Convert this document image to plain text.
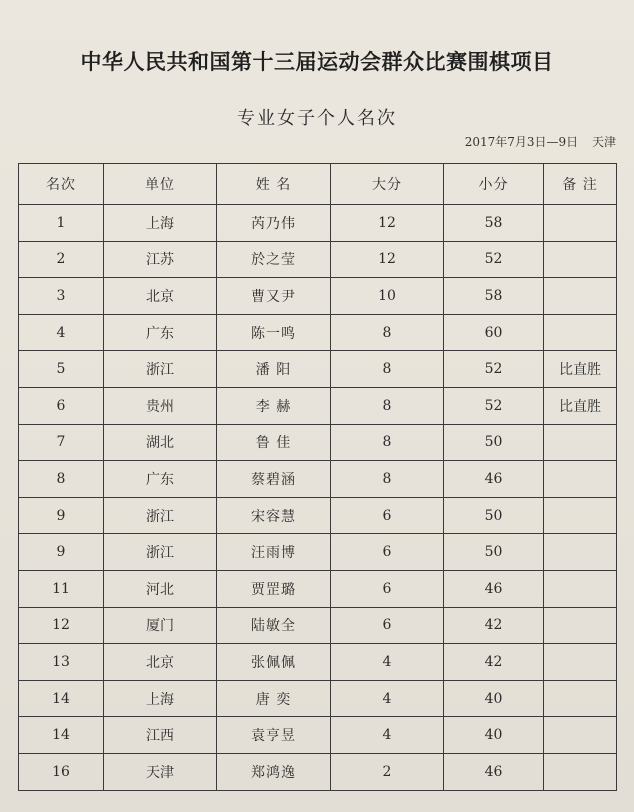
中华人民共和国第十三届运动会群众比赛围棋项目
专业女子个人名次
2017年7月3日—9日 天津
名次	单位	姓 名	大分	小分	备 注
1	上海	芮乃伟	12	58	
2	江苏	於之莹	12	52	
3	北京	曹又尹	10	58	
4	广东	陈一鸣	8	60	
5	浙江	潘 阳	8	52	比直胜
6	贵州	李 赫	8	52	比直胜
7	湖北	鲁 佳	8	50	
8	广东	蔡碧涵	8	46	
9	浙江	宋容慧	6	50	
9	浙江	汪雨博	6	50	
11	河北	贾罡璐	6	46	
12	厦门	陆敏全	6	42	
13	北京	张佩佩	4	42	
14	上海	唐 奕	4	40	
14	江西	袁亨昱	4	40	
16	天津	郑鸿逸	2	46	
